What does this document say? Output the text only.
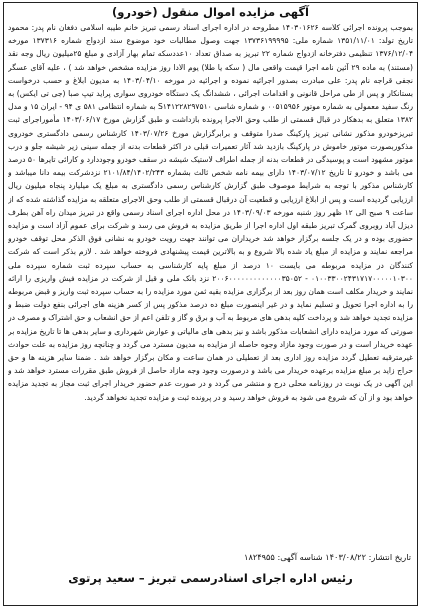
آگهی مزایده اموال منقول (خودرو)
بموجب پرونده اجرائی کلاسه ۱۴۰۳۰۱۶۲۶ مطروحه در اداره اجرای اسناد رسمی تبریز خانم طیبه اسلامی دفغان نام پدر: محمود تاریخ تولد: ۱۳۵۱/۱۱/۰۱ شماره ملی: ۱۳۷۳۶۱۹۹۹۹۵ جهت وصول مطالبات خود موضوع سند ازدواج شماره ۱۳۷۳۱۶ مورخه ۱۳۷۶/۱۲/۰۴ تنظیمی دفترخانه ازدواج شماره ۲۲ تبریز به صداق تعداد ۱۰عددسکه تمام بهار آزادی و مبلغ ۲۵میلیون ریال وجه نقد (مستند) به ماده ۲۹ آئین نامه اجرا قیمت واقعی مال ( سکه یا طلا) یوم الادا روز مزایده مشخص خواهد شد ) ، علیه آقای عسگر نجفی قراجه نام پدر: علی مبادرت بصدور اجرائیه نموده و اجرائیه در مورخه ۱۴۰۳/۰۴/۱۰ به مدیون ابلاغ و حسب درخواست بستانکار و پس از طی مراحل قانونی و اقدامات اجرائی ، ششدانگ یک دستگاه خودروی سواری پراید تیپ صبا (جی تی ایکس) به رنگ سفید معمولی به شماره موتور ۰۰۵۱۵۹۵۶ و شماره شاسی S۱۴۱۲۲۸۲۹۷۵۱۰ به شماره انتظامی ۵۸۱ ی ۹۴ - ایران ۱۵ و مدل ۱۳۸۲ متعلق به بدهکار در قبال قسمتی از طلب وحق الاجرا پرونده بازداشت و طبق گزارش مورخ ۱۴۰۳/۰۶/۱۷ مأموراجرای ثبت تبریزخودرو مذکور نشانی تبریز پارکینگ صدرا متوقف و برابرگزارش مورخ ۱۴۰۳/۰۷/۲۶ کارشناس رسمی دادگستری خودروی مذکوربصورت موتور خاموش در پارکینگ بازدید شد آثار تعمیرات قبلی در اکثر قطعات بدنه از جمله سینی زیر شیشه جلو و درب موتور مشهود است و پوسیدگی در قطعات بدنه از جمله اطراف لاستیک شیشه در سقف خودرو وجوددارد و کارائی تایرها ۵۰ درصد می باشد و خودرو تا تاریخ ۱۴۰۳/۰۷/۱۲ دارای بیمه نامه شخص ثالث بشماره ۲۱۰۱/۸۴/۱۴۰۲/۲۴۳ نزدشرکت بیمه دانا میباشد و کارشناس مذکور با توجه به شرایط موصوف طبق گزارش کارشناس رسمی دادگستری به مبلغ یک میلیارد پنجاه میلیون ریال ارزیابی گردیده است و پس از ابلاغ ارزیابی و قطعیت آن درقبال قسمتی از طلب وحق الاجرای متعلقه به مزایده گذاشته شده که از ساعت ۹ صبح الی ۱۲ ظهر روز شنبه مورخه ۱۴۰۳/۰۹/۰۳ در محل اداره اجرای اسناد رسمی واقع در تبریز میدان راه آهن بطرف دیزل آباد روبروی گمرک تبریز طبقه اول اداره اجرا از طریق مزایده به فروش می رسد و شرکت برای عموم آزاد است و مزایده حضوری بوده و در یک جلسه برگزار خواهد شد خریداران می توانند جهت رویت خودرو به نشانی فوق الذکر محل توقف خودرو مراجعه نمایند و مزایده از مبلغ یاد شده بالا شروع و به بالاترین قیمت پیشنهادی فروخته خواهد شد . لازم بذکر است که شرکت کنندگان در مزایده مربوطه می بایست ۱۰ درصد از مبلغ پایه کارشناسی به حساب سپرده ثبت شماره سپرده ملی ۰۱۰۰۳۳۰۰۲۴۳۱۷۱۷۰۰۰۰۰۱۰۳۰۰ - ۲۰۰۶۰۰۰۰۰۰۰۰۰۰۰۰۰۳۵۰۵۲ نزد بانک ملی و قبل از شرکت در مزایده فیش واریزی را ارائه نمایند و خریدار مکلف است همان روز بعد از برگزاری مزایده بقیه ثمن مورد مزایده را به حساب سپرده ثبت واریز و قبض مربوطه را به اداره اجرا تحویل و تسلیم نماید و در غیر اینصورت مبلغ ده درصد مذکور پس از کسر هزینه های اجرائی بنفع دولت ضبط و مزایده تجدید خواهد شد و پرداخت کلیه بدهی های مربوط به آب و برق و گاز و تلفن اعم از حق انشعاب و حق اشتراک و مصرف در صورتی که مورد مزایده دارای انشعابات مذکور باشد و نیز بدهی های مالیاتی و عوارض شهرداری و سایر بدهی ها تا تاریخ مزایده بر عهده خریدار است و در صورت وجود مازاد وجوه حاصله از مزایده به مدیون مسترد می گردد و چنانچه روز مزایده به علت حوادث غیرمترقبه تعطیل گردد مزایده روز اداری بعد از تعطیلی در همان ساعت و مکان برگزار خواهد شد . ضمنا سایر هزینه ها و حق حراج زاید بر مبلغ مزایده برعهده خریدار می باشد و درصورت وجود وجه مازاد حاصل از فروش طبق مقررات مسترد خواهد شد و این آگهی در یک نوبت در روزنامه محلی درج و منتشر می گردد و در صورت عدم حضور خریدار اجرای ثبت مجاز به تجدید مزایده خواهد بود و از آن که شروع می شود به فروش خواهد رسید و در پرونده ثبت و مزایده تجدید نخواهد گردید.
تاریخ انتشار: ۱۴۰۳/۰۸/۲۲ شناسه آگهی: ۱۸۲۴۹۵۵
رئیس اداره اجرای اسنادرسمی تبریز – سعید پرتوی
